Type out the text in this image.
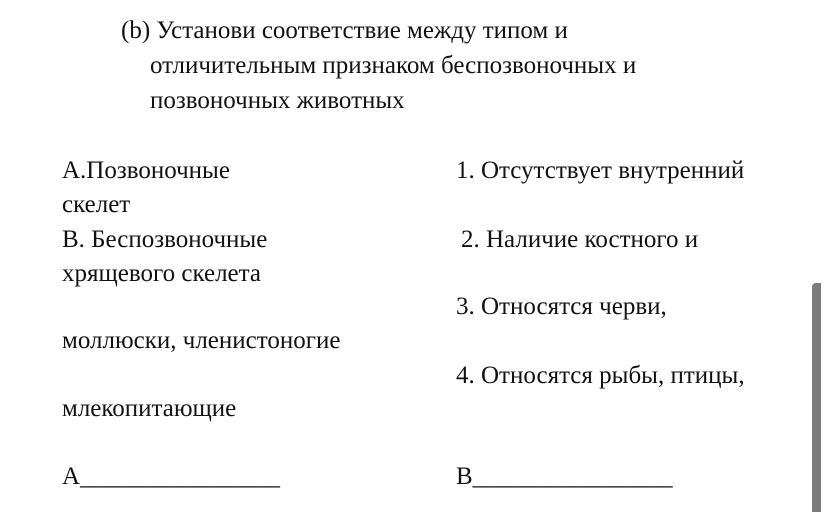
(b) Установи соответствие между типом и
отличительным признаком беспозвоночных и
позвоночных животных
А.Позвоночные
скелет
В. Беспозвоночные
хрящевого скелета
моллюски, членистоногие
млекопитающие
1. Отсутствует внутренний
2. Наличие костного и
3. Относятся черви,
4. Относятся рыбы, птицы,
А________________	В________________
